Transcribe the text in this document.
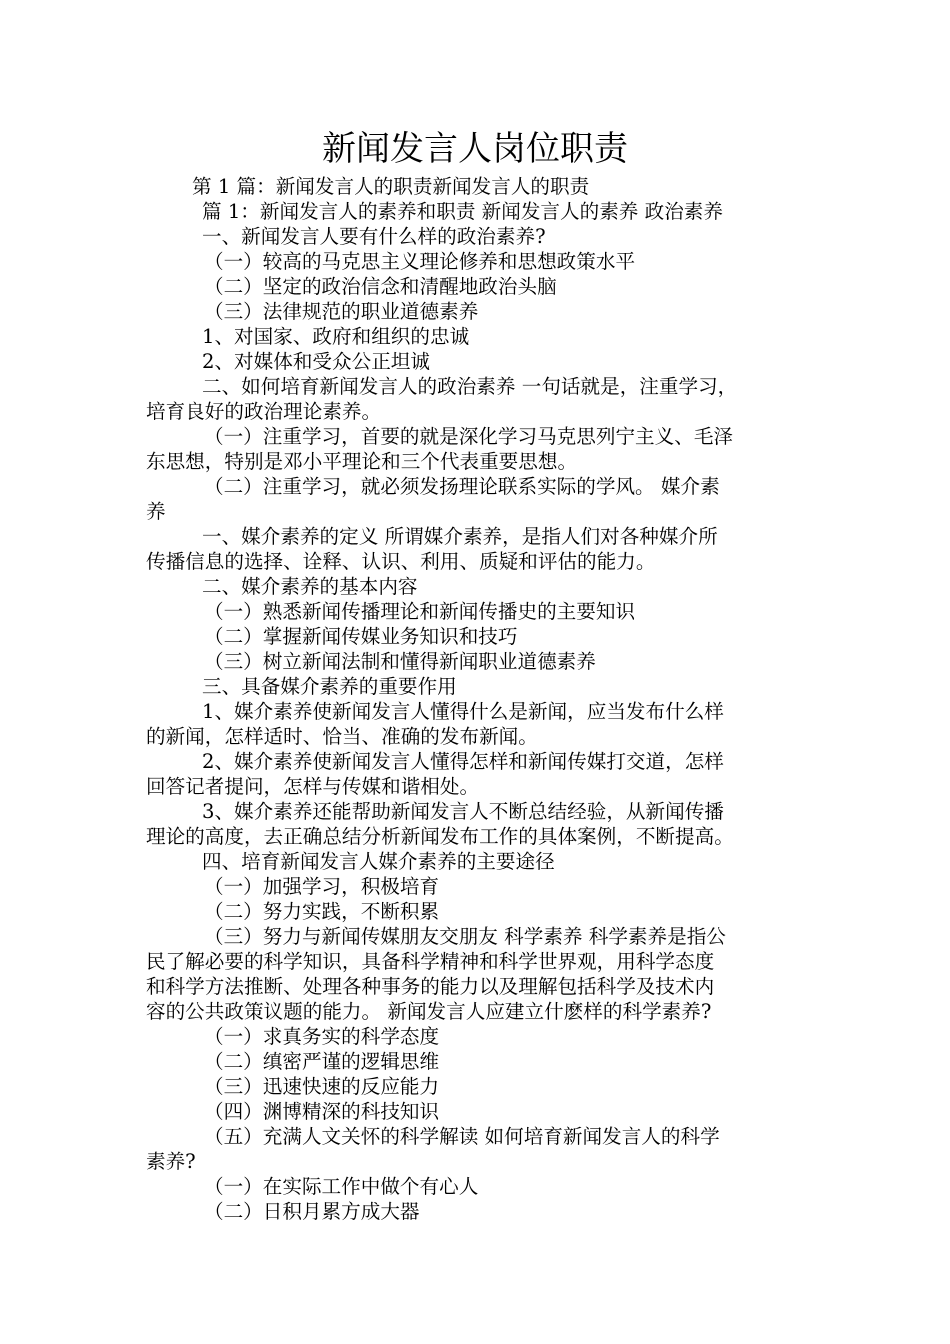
新闻发言人岗位职责
第 1 篇：新闻发言人的职责新闻发言人的职责
篇 1：新闻发言人的素养和职责 新闻发言人的素养 政治素养
一、新闻发言人要有什么样的政治素养?
（一）较高的马克思主义理论修养和思想政策水平
（二）坚定的政治信念和清醒地政治头脑
（三）法律规范的职业道德素养
1、对国家、政府和组织的忠诚
2、对媒体和受众公正坦诚
二、如何培育新闻发言人的政治素养 一句话就是，注重学习，
培育良好的政治理论素养。
（一）注重学习，首要的就是深化学习马克思列宁主义、毛泽
东思想，特别是邓小平理论和三个代表重要思想。
（二）注重学习，就必须发扬理论联系实际的学风。 媒介素
养
一、媒介素养的定义 所谓媒介素养，是指人们对各种媒介所
传播信息的选择、诠释、认识、利用、质疑和评估的能力。
二、媒介素养的基本内容
（一）熟悉新闻传播理论和新闻传播史的主要知识
（二）掌握新闻传媒业务知识和技巧
（三）树立新闻法制和懂得新闻职业道德素养
三、具备媒介素养的重要作用
1、媒介素养使新闻发言人懂得什么是新闻，应当发布什么样
的新闻，怎样适时、恰当、准确的发布新闻。
2、媒介素养使新闻发言人懂得怎样和新闻传媒打交道，怎样
回答记者提问，怎样与传媒和谐相处。
3、媒介素养还能帮助新闻发言人不断总结经验，从新闻传播
理论的高度，去正确总结分析新闻发布工作的具体案例，不断提高。
四、培育新闻发言人媒介素养的主要途径
（一）加强学习，积极培育
（二）努力实践，不断积累
（三）努力与新闻传媒朋友交朋友 科学素养 科学素养是指公
民了解必要的科学知识，具备科学精神和科学世界观，用科学态度
和科学方法推断、处理各种事务的能力以及理解包括科学及技术内
容的公共政策议题的能力。 新闻发言人应建立什麽样的科学素养?
（一）求真务实的科学态度
（二）缜密严谨的逻辑思维
（三）迅速快速的反应能力
（四）渊博精深的科技知识
（五）充满人文关怀的科学解读 如何培育新闻发言人的科学
素养?
（一）在实际工作中做个有心人
（二）日积月累方成大器
